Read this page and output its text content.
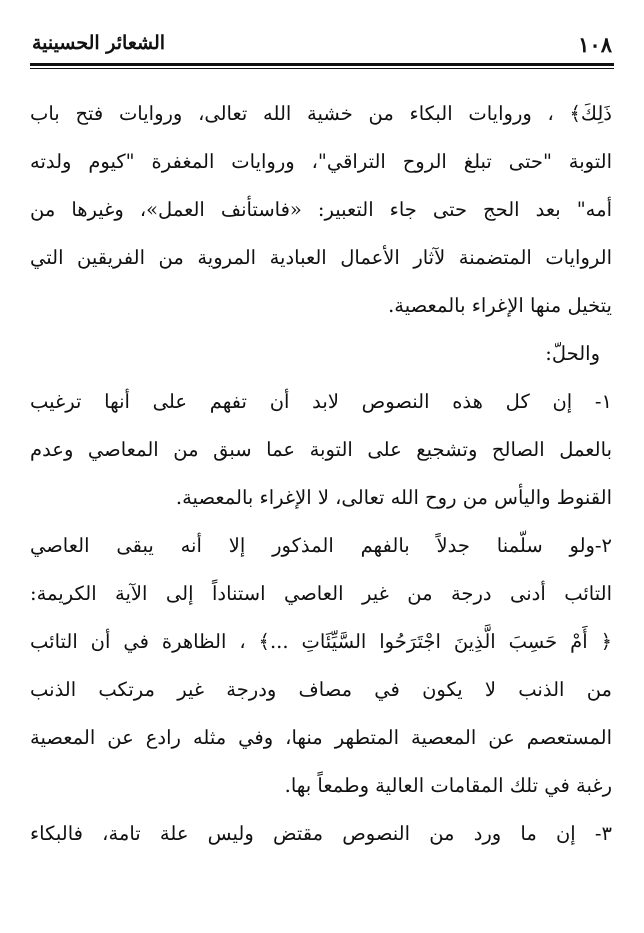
١٠٨
الشعائر الحسينية
ذَلِكَ﴾ ، وروايات البكاء من خشية الله تعالى، وروايات فتح باب
التوبة "حتى تبلغ الروح التراقي"، وروايات المغفرة "كيوم ولدته
أمه" بعد الحج حتى جاء التعبير: «فاستأنف العمل»، وغيرها من
الروايات المتضمنة لآثار الأعمال العبادية المروية من الفريقين التي
يتخيل منها الإغراء بالمعصية.
والحلّ:
١- إن كل هذه النصوص لابد أن تفهم على أنها ترغيب
بالعمل الصالح وتشجيع على التوبة عما سبق من المعاصي وعدم
القنوط واليأس من روح الله تعالى، لا الإغراء بالمعصية.
٢-ولو سلّمنا جدلاً بالفهم المذكور إلا أنه يبقى العاصي
التائب أدنى درجة من غير العاصي استناداً إلى الآية الكريمة:
﴿ أَمْ حَسِبَ الَّذِينَ اجْتَرَحُوا السَّيِّئَاتِ ...﴾ ، الظاهرة في أن التائب
من الذنب لا يكون في مصاف ودرجة غير مرتكب الذنب
المستعصم عن المعصية المتطهر منها، وفي مثله رادع عن المعصية
رغبة في تلك المقامات العالية وطمعاً بها.
٣- إن ما ورد من النصوص مقتض وليس علة تامة، فالبكاء
